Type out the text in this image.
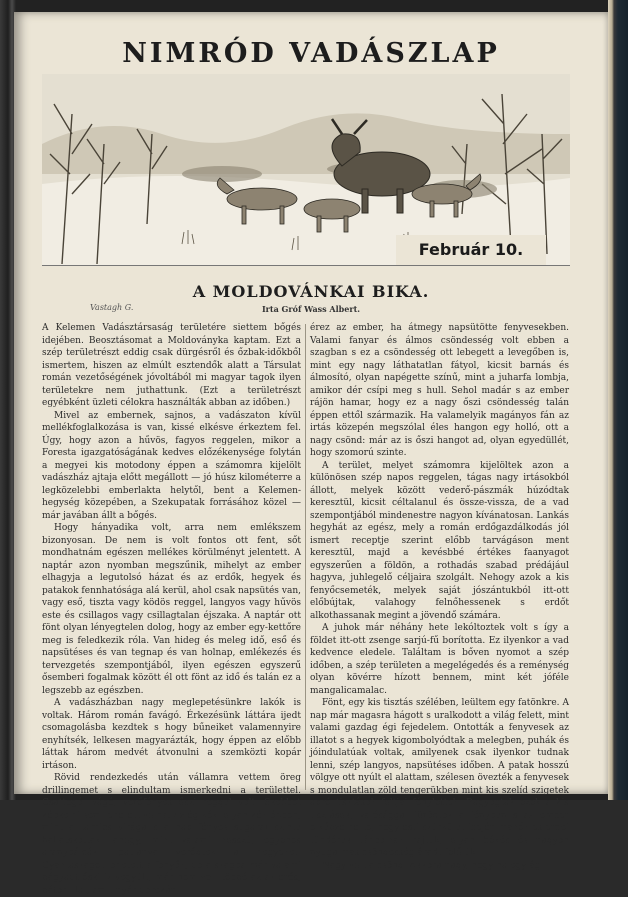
NIMRÓD VADÁSZLAP
Vastagh G.
Február 10.
A MOLDOVÁNKAI BIKA.
Irta Gróf Wass Albert.

A Kelemen Vadásztársaság területére siettem bőgés idejében. Beosztásomat a Moldoványka kaptam. Ezt a szép területrészt eddig csak dürgésről és őzbak-időkből ismertem, hiszen az elmúlt esztendők alatt a Társulat román vezetőségének jóvoltából mi magyar tagok ilyen területekre nem juthattunk. (Ezt a területrészt egyébként üzleti célokra használták abban az időben.)

Mivel az embernek, sajnos, a vadászaton kívül mellékfoglalkozása is van, kissé elkésve érkeztem fel. Úgy, hogy azon a hűvös, fagyos reggelen, mikor a Foresta igazgatóságának kedves előzékenysége folytán a megyei kis motodony éppen a számomra kijelölt vadászház ajtaja előtt megállott — jó húsz kilométerre a legközelebbi emberlakta helytől, bent a Kelemen-hegység közepében, a Szekupatak forrásához közel — már javában állt a bőgés.

Hogy hányadika volt, arra nem emlékszem bizonyosan. De nem is volt fontos ott fent, sőt mondhatnám egészen mellékes körülményt jelentett. A naptár azon nyomban megszűnik, mihelyt az ember elhagyja a legutolsó házat és az erdők, hegyek és patakok fennhatósága alá kerül, ahol csak napsütés van, vagy eső, tiszta vagy ködös reggel, langyos vagy hűvös este és csillagos vagy csillagtalan éjszaka. A naptár ott fönt olyan lényegtelen dolog, hogy az ember egy-kettőre meg is feledkezik róla. Van hideg és meleg idő, eső és napsütéses és van tegnap és van holnap, emlékezés és tervezgetés szempontjából, ilyen egészen egyszerű ősemberi fogalmak között él ott fönt az idő és talán ez a legszebb az egészben.

A vadászházban nagy meglepetésünkre lakók is voltak. Három román favágó. Érkezésünk láttára ijedt csomagolásba kezdtek s hogy bűneiket valamennyire enyhítsék, lelkesen magyarázták, hogy éppen az előbb láttak három medvét átvonulni a szemközti kopár irtáson.

Rövid rendezkedés után vállamra vettem öreg drillingemet s elindultam ismerkedni a területtel. Csattogó, vágó, verőfényes őszi reggel volt. Szebbet képzelni sem lehetett volna. Az ég kék, olyan kék éppen, mint a tarnics virága s a nap fényes sugarai szinte hallatszottak, ahogy, mint valami hosszú, egyenes aranypálcák, pattanva verődtek a hegyeket. Gyantaszagot lehetett a fenyők, de a szagba már valami bágyadt őszi íz vegyült, már nem volt többé az az erős, bátor illat, amit nyár derekán

érez az ember, ha átmegy napsütötte fenyvesekben. Valami fanyar és álmos csöndesség volt ebben a szagban s ez a csöndesség ott lebegett a levegőben is, mint egy nagy láthatatlan fátyol, kicsit barnás és álmosító, olyan napégette színű, mint a juharfa lombja, amikor dér csípi meg s hull. Sehol madár s az ember rájön hamar, hogy ez a nagy őszi csöndesség talán éppen ettől származik. Ha valamelyik magányos fán az irtás közepén megszólal éles hangon egy holló, ott a nagy csönd: már az is őszi hangot ad, olyan egyedüllét, hogy szomorú szinte.

A terület, melyet számomra kijelöltek azon a különösen szép napos reggelen, tágas nagy irtásokból állott, melyek között vederő-pászmák húzódtak keresztül, kicsit céltalanul és össze-vissza, de a vad szempontjából mindenestre nagyon kívánatosan. Lankás hegyhát az egész, mely a román erdőgazdálkodás jól ismert receptje szerint előbb tarvágáson ment keresztül, majd a kevésbbé értékes faanyagot egyszerűen a földön, a rothadás szabad prédájául hagyva, juhlegelő céljaira szolgált. Nehogy azok a kis fenyőcsemeték, melyek saját jószántukból itt-ott előbújtak, valahogy felnőhessenek s erdőt alkothassanak megint a jövendő számára.

A juhok már néhány hete lekóltoztek volt s így a földet itt-ott zsenge sarjú-fű borította. Ez ilyenkor a vad kedvence eledele. Találtam is bőven nyomot a szép időben, a szép területen a megelégedés és a reménység olyan kövérre hízott bennem, mint két jóféle mangalicamalac.

Fönt, egy kis tisztás szélében, leültem egy fatönkre. A nap már magasra hágott s uralkodott a világ felett, mint valami gazdag égi fejedelem. Ontották a fenyvesek az illatot s a hegyek kigombolyódtak a melegben, puhák és jóindulatúak voltak, amilyenek csak ilyenkor tudnak lenni, szép langyos, napsütéses időben. A patak hosszú völgye ott nyúlt el alattam, szélesen övezték a fenyvesek s mondulatlan zöld tengerükben mint kis szelíd szigetek apró tisztások foltjai fénylettek. Ragyogtak ezek a kis tisztások, valósággal fürödtek a fényben s az ember elképzelhette, hogy esti szürkület idején manók és erdei tündérek táncolnak rajtuk, olyan békés és nagyon nyugalmas csöndesség áradt felőlük.

Nagy volt a csönd. Akkora nagy, hogy ha egy ág
